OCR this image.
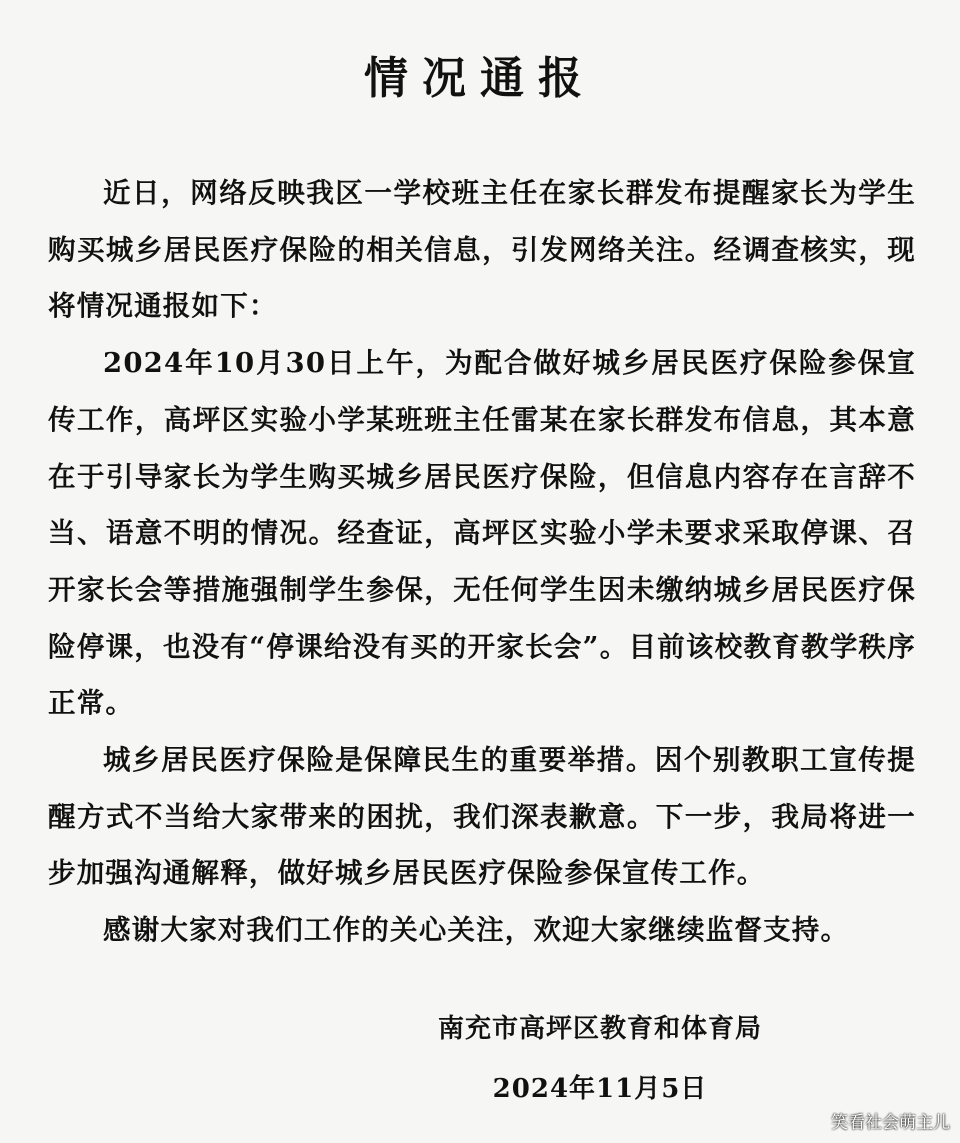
情况通报

近日，网络反映我区一学校班主任在家长群发布提醒家长为学生购买城乡居民医疗保险的相关信息，引发网络关注。经调查核实，现将情况通报如下：

2024年10月30日上午，为配合做好城乡居民医疗保险参保宣传工作，高坪区实验小学某班班主任雷某在家长群发布信息，其本意在于引导家长为学生购买城乡居民医疗保险，但信息内容存在言辞不当、语意不明的情况。经查证，高坪区实验小学未要求采取停课、召开家长会等措施强制学生参保，无任何学生因未缴纳城乡居民医疗保险停课，也没有“停课给没有买的开家长会”。目前该校教育教学秩序正常。

城乡居民医疗保险是保障民生的重要举措。因个别教职工宣传提醒方式不当给大家带来的困扰，我们深表歉意。下一步，我局将进一步加强沟通解释，做好城乡居民医疗保险参保宣传工作。

感谢大家对我们工作的关心关注，欢迎大家继续监督支持。

南充市高坪区教育和体育局
2024年11月5日
笑看社会萌主儿
